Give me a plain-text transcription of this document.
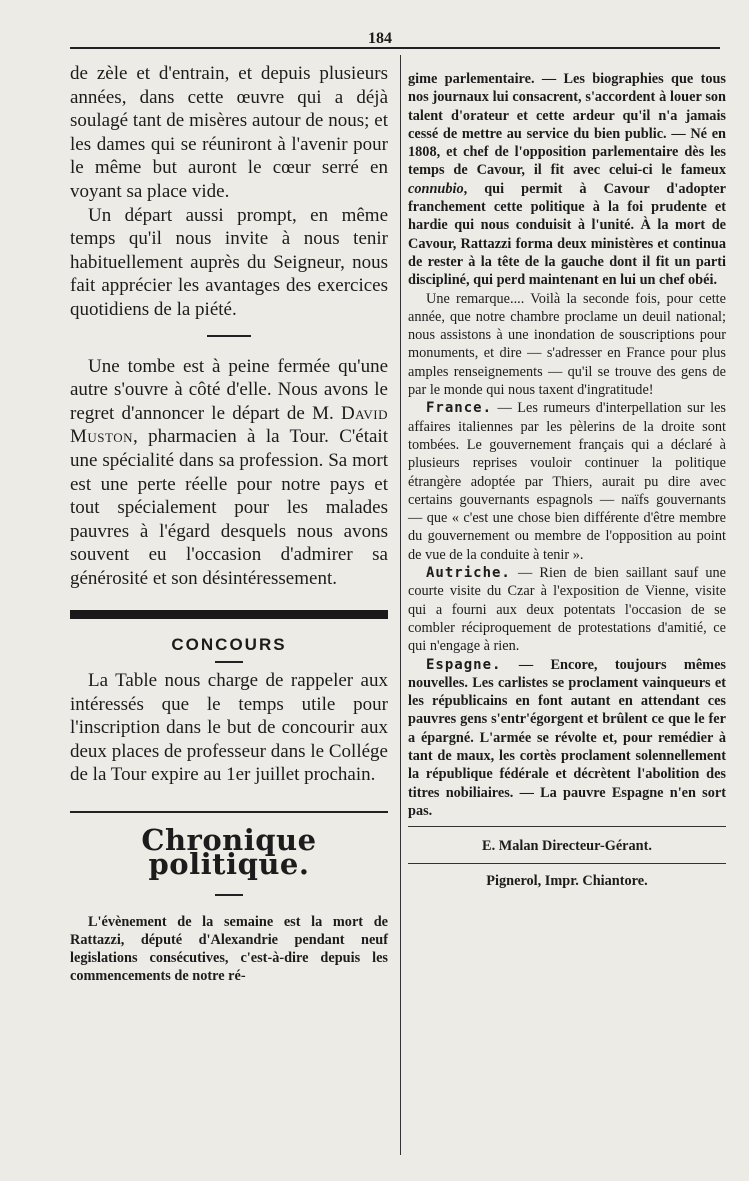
184

de zèle et d'entrain, et depuis plusieurs années, dans cette œuvre qui a déjà soulagé tant de misères autour de nous; et les dames qui se réuniront à l'avenir pour le même but auront le cœur serré en voyant sa place vide.

Un départ aussi prompt, en même temps qu'il nous invite à nous tenir habituellement auprès du Seigneur, nous fait apprécier les avantages des exercices quotidiens de la piété.

Une tombe est à peine fermée qu'une autre s'ouvre à côté d'elle. Nous avons le regret d'annoncer le départ de M. David Muston, pharmacien à la Tour. C'était une spécialité dans sa profession. Sa mort est une perte réelle pour notre pays et tout spécialement pour les malades pauvres à l'égard desquels nous avons souvent eu l'occasion d'admirer sa générosité et son désintéressement.

CONCOURS

La Table nous charge de rappeler aux intéressés que le temps utile pour l'inscription dans le but de concourir aux deux places de professeur dans le Collége de la Tour expire au 1er juillet prochain.

Chronique politique.

L'évènement de la semaine est la mort de Rattazzi, député d'Alexandrie pendant neuf legislations consécutives, c'est-à-dire depuis les commencements de notre ré-

gime parlementaire. — Les biographies que tous nos journaux lui consacrent, s'accordent à louer son talent d'orateur et cette ardeur qu'il n'a jamais cessé de mettre au service du bien public. — Né en 1808, et chef de l'opposition parlementaire dès les temps de Cavour, il fit avec celui-ci le fameux connubio, qui permit à Cavour d'adopter franchement cette politique à la foi prudente et hardie qui nous conduisit à l'unité. À la mort de Cavour, Rattazzi forma deux ministères et continua de rester à la tête de la gauche dont il fit un parti discipliné, qui perd maintenant en lui un chef obéi.

Une remarque.... Voilà la seconde fois, pour cette année, que notre chambre proclame un deuil national; nous assistons à une inondation de souscriptions pour monuments, et dire — s'adresser en France pour plus amples renseignements — qu'il se trouve des gens de par le monde qui nous taxent d'ingratitude!

France. — Les rumeurs d'interpellation sur les affaires italiennes par les pèlerins de la droite sont tombées. Le gouvernement français qui a déclaré à plusieurs reprises vouloir continuer la politique étrangère adoptée par Thiers, aurait pu dire avec certains gouvernants espagnols — naïfs gouvernants — que « c'est une chose bien différente d'être membre du gouvernement ou membre de l'opposition au point de vue de la conduite à tenir ».

Autriche. — Rien de bien saillant sauf une courte visite du Czar à l'exposition de Vienne, visite qui a fourni aux deux potentats l'occasion de se combler réciproquement de protestations d'amitié, ce qui n'engage à rien.

Espagne. — Encore, toujours mêmes nouvelles. Les carlistes se proclament vainqueurs et les républicains en font autant en attendant ces pauvres gens s'entr'égorgent et brûlent ce que le fer a épargné. L'armée se révolte et, pour remédier à tant de maux, les cortès proclament solennellement la république fédérale et décrètent l'abolition des titres nobiliaires. — La pauvre Espagne n'en sort pas.

E. Malan Directeur-Gérant.
Pignerol, Impr. Chiantore.
